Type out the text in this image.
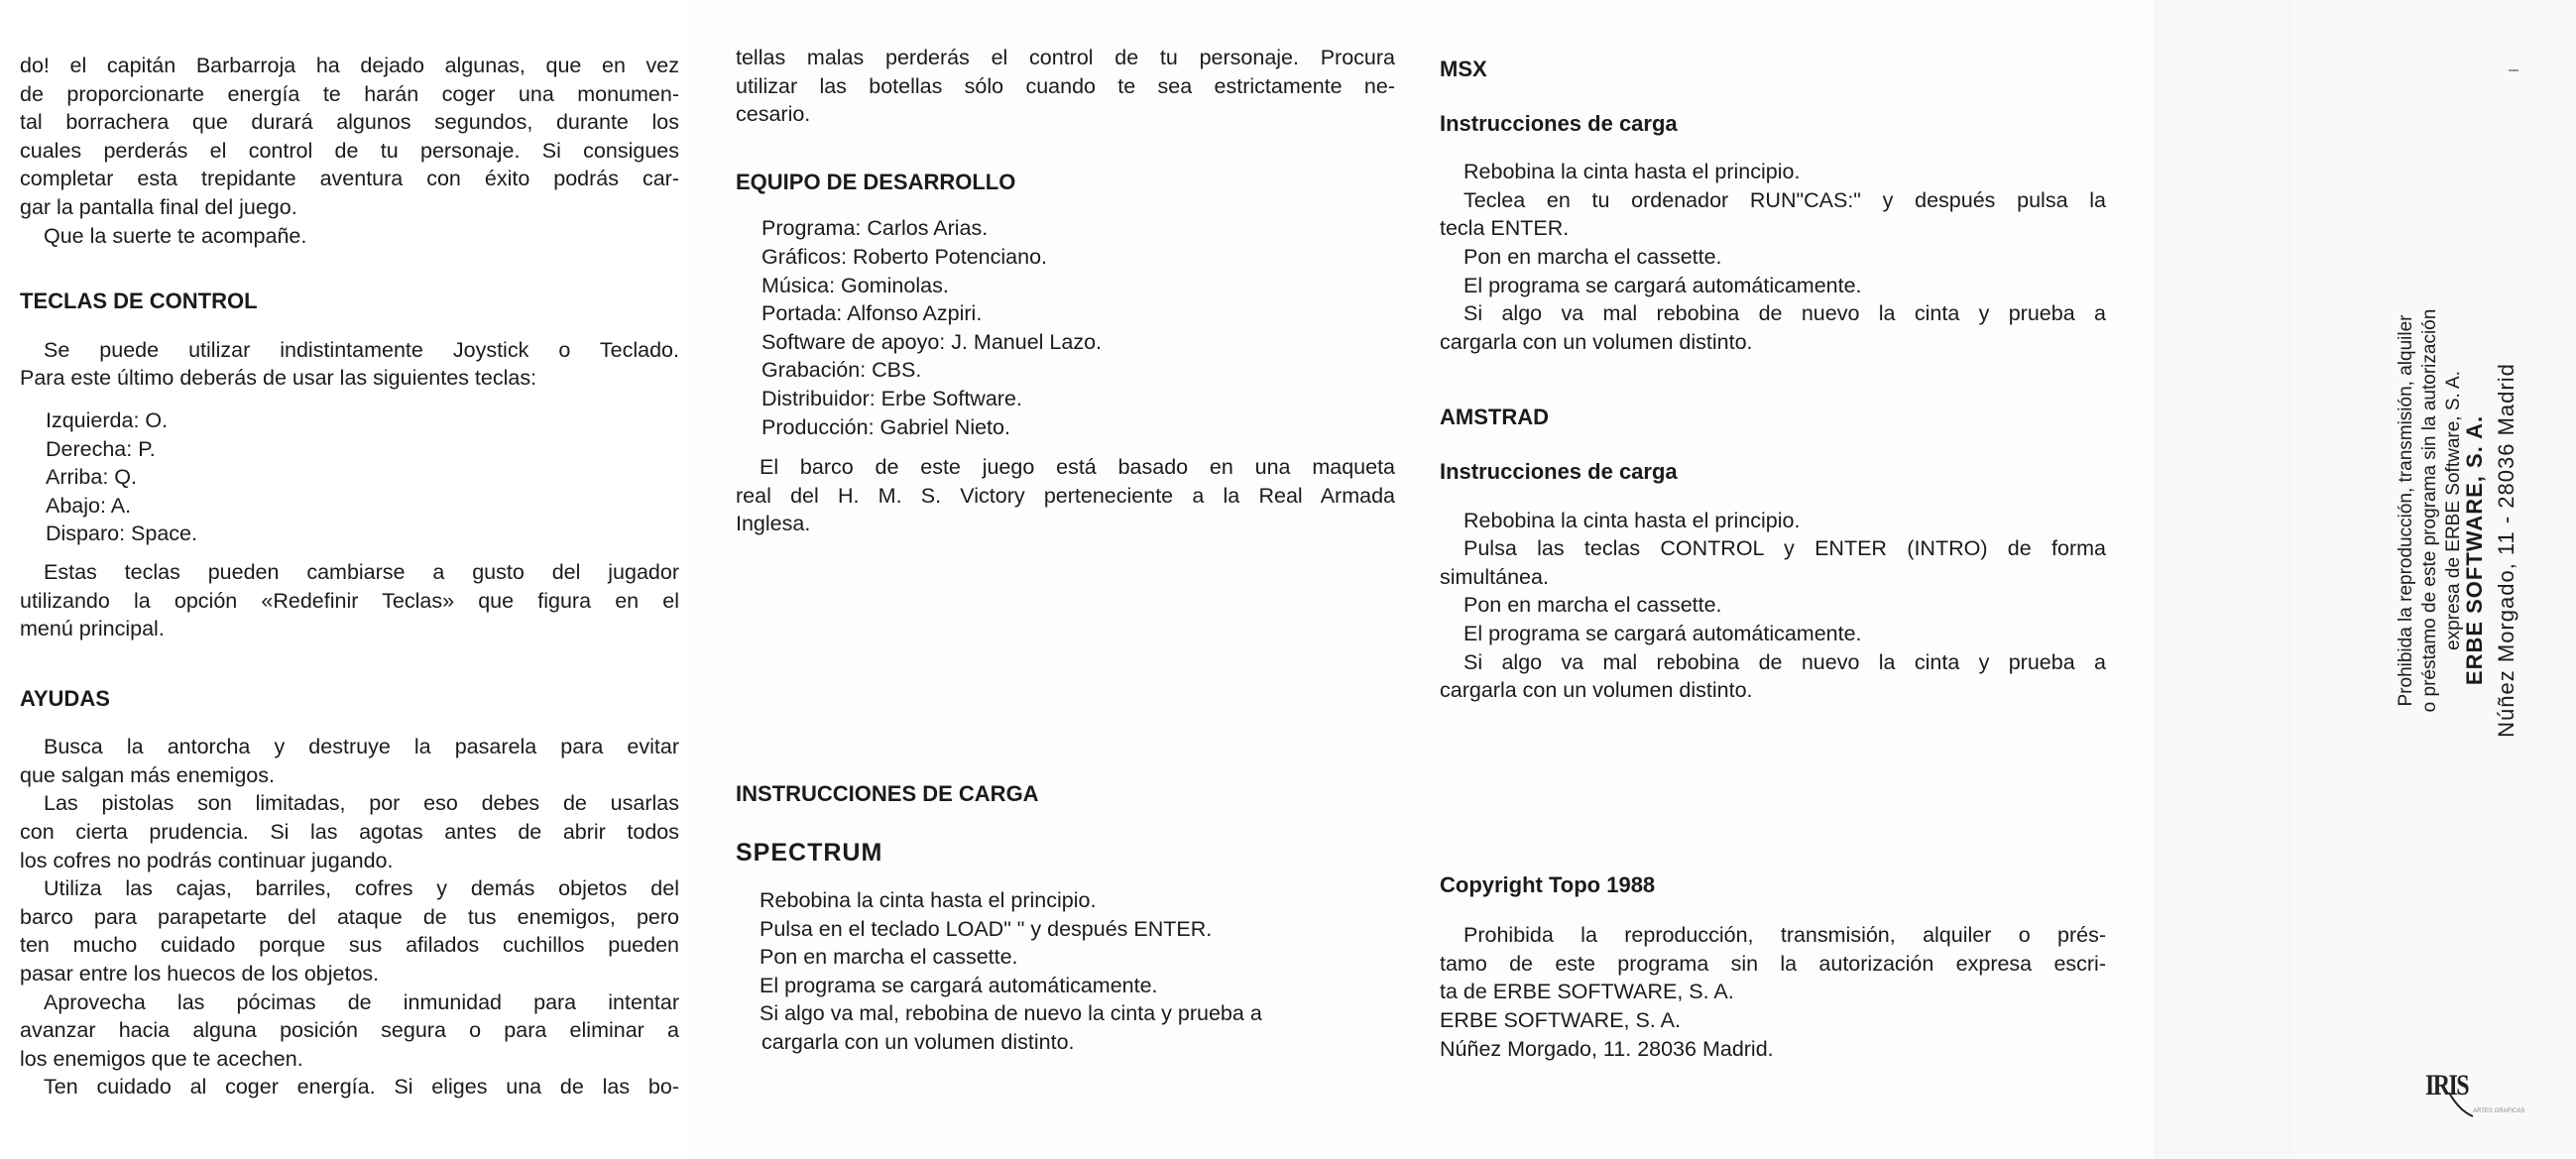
do! el capitán Barbarroja ha dejado algunas, que en vez
de proporcionarte energía te harán coger una monumen-
tal borrachera que durará algunos segundos, durante los
cuales perderás el control de tu personaje. Si consigues
completar esta trepidante aventura con éxito podrás car-
gar la pantalla final del juego.
Que la suerte te acompañe.
TECLAS DE CONTROL
Se puede utilizar indistintamente Joystick o Teclado.
Para este último deberás de usar las siguientes teclas:
Izquierda: O.
Derecha: P.
Arriba: Q.
Abajo: A.
Disparo: Space.
Estas teclas pueden cambiarse a gusto del jugador
utilizando la opción «Redefinir Teclas» que figura en el
menú principal.
AYUDAS
Busca la antorcha y destruye la pasarela para evitar
que salgan más enemigos.
Las pistolas son limitadas, por eso debes de usarlas
con cierta prudencia. Si las agotas antes de abrir todos
los cofres no podrás continuar jugando.
Utiliza las cajas, barriles, cofres y demás objetos del
barco para parapetarte del ataque de tus enemigos, pero
ten mucho cuidado porque sus afilados cuchillos pueden
pasar entre los huecos de los objetos.
Aprovecha las pócimas de inmunidad para intentar
avanzar hacia alguna posición segura o para eliminar a
los enemigos que te acechen.
Ten cuidado al coger energía. Si eliges una de las bo-
tellas malas perderás el control de tu personaje. Procura
utilizar las botellas sólo cuando te sea estrictamente ne-
cesario.
EQUIPO DE DESARROLLO
Programa: Carlos Arias.
Gráficos: Roberto Potenciano.
Música: Gominolas.
Portada: Alfonso Azpiri.
Software de apoyo: J. Manuel Lazo.
Grabación: CBS.
Distribuidor: Erbe Software.
Producción: Gabriel Nieto.
El barco de este juego está basado en una maqueta
real del H. M. S. Victory perteneciente a la Real Armada
Inglesa.
INSTRUCCIONES DE CARGA
SPECTRUM
Rebobina la cinta hasta el principio.
Pulsa en el teclado LOAD" " y después ENTER.
Pon en marcha el cassette.
El programa se cargará automáticamente.
Si algo va mal, rebobina de nuevo la cinta y prueba a
cargarla con un volumen distinto.
MSX
Instrucciones de carga
Rebobina la cinta hasta el principio.
Teclea en tu ordenador RUN"CAS:" y después pulsa la
tecla ENTER.
Pon en marcha el cassette.
El programa se cargará automáticamente.
Si algo va mal rebobina de nuevo la cinta y prueba a
cargarla con un volumen distinto.
AMSTRAD
Instrucciones de carga
Rebobina la cinta hasta el principio.
Pulsa las teclas CONTROL y ENTER (INTRO) de forma
simultánea.
Pon en marcha el cassette.
El programa se cargará automáticamente.
Si algo va mal rebobina de nuevo la cinta y prueba a
cargarla con un volumen distinto.
Copyright Topo 1988
Prohibida la reproducción, transmisión, alquiler o prés-
tamo de este programa sin la autorización expresa escri-
ta de ERBE SOFTWARE, S. A.
ERBE SOFTWARE, S. A.
Núñez Morgado, 11. 28036 Madrid.
Prohibida la reproducción, transmisión, alquiler o préstamo de este programa sin la autorización expresa de ERBE Software, S. A.
ERBE SOFTWARE, S. A. Núñez Morgado, 11 - 28036 Madrid
IRIS
ARTES GRAFICAS
